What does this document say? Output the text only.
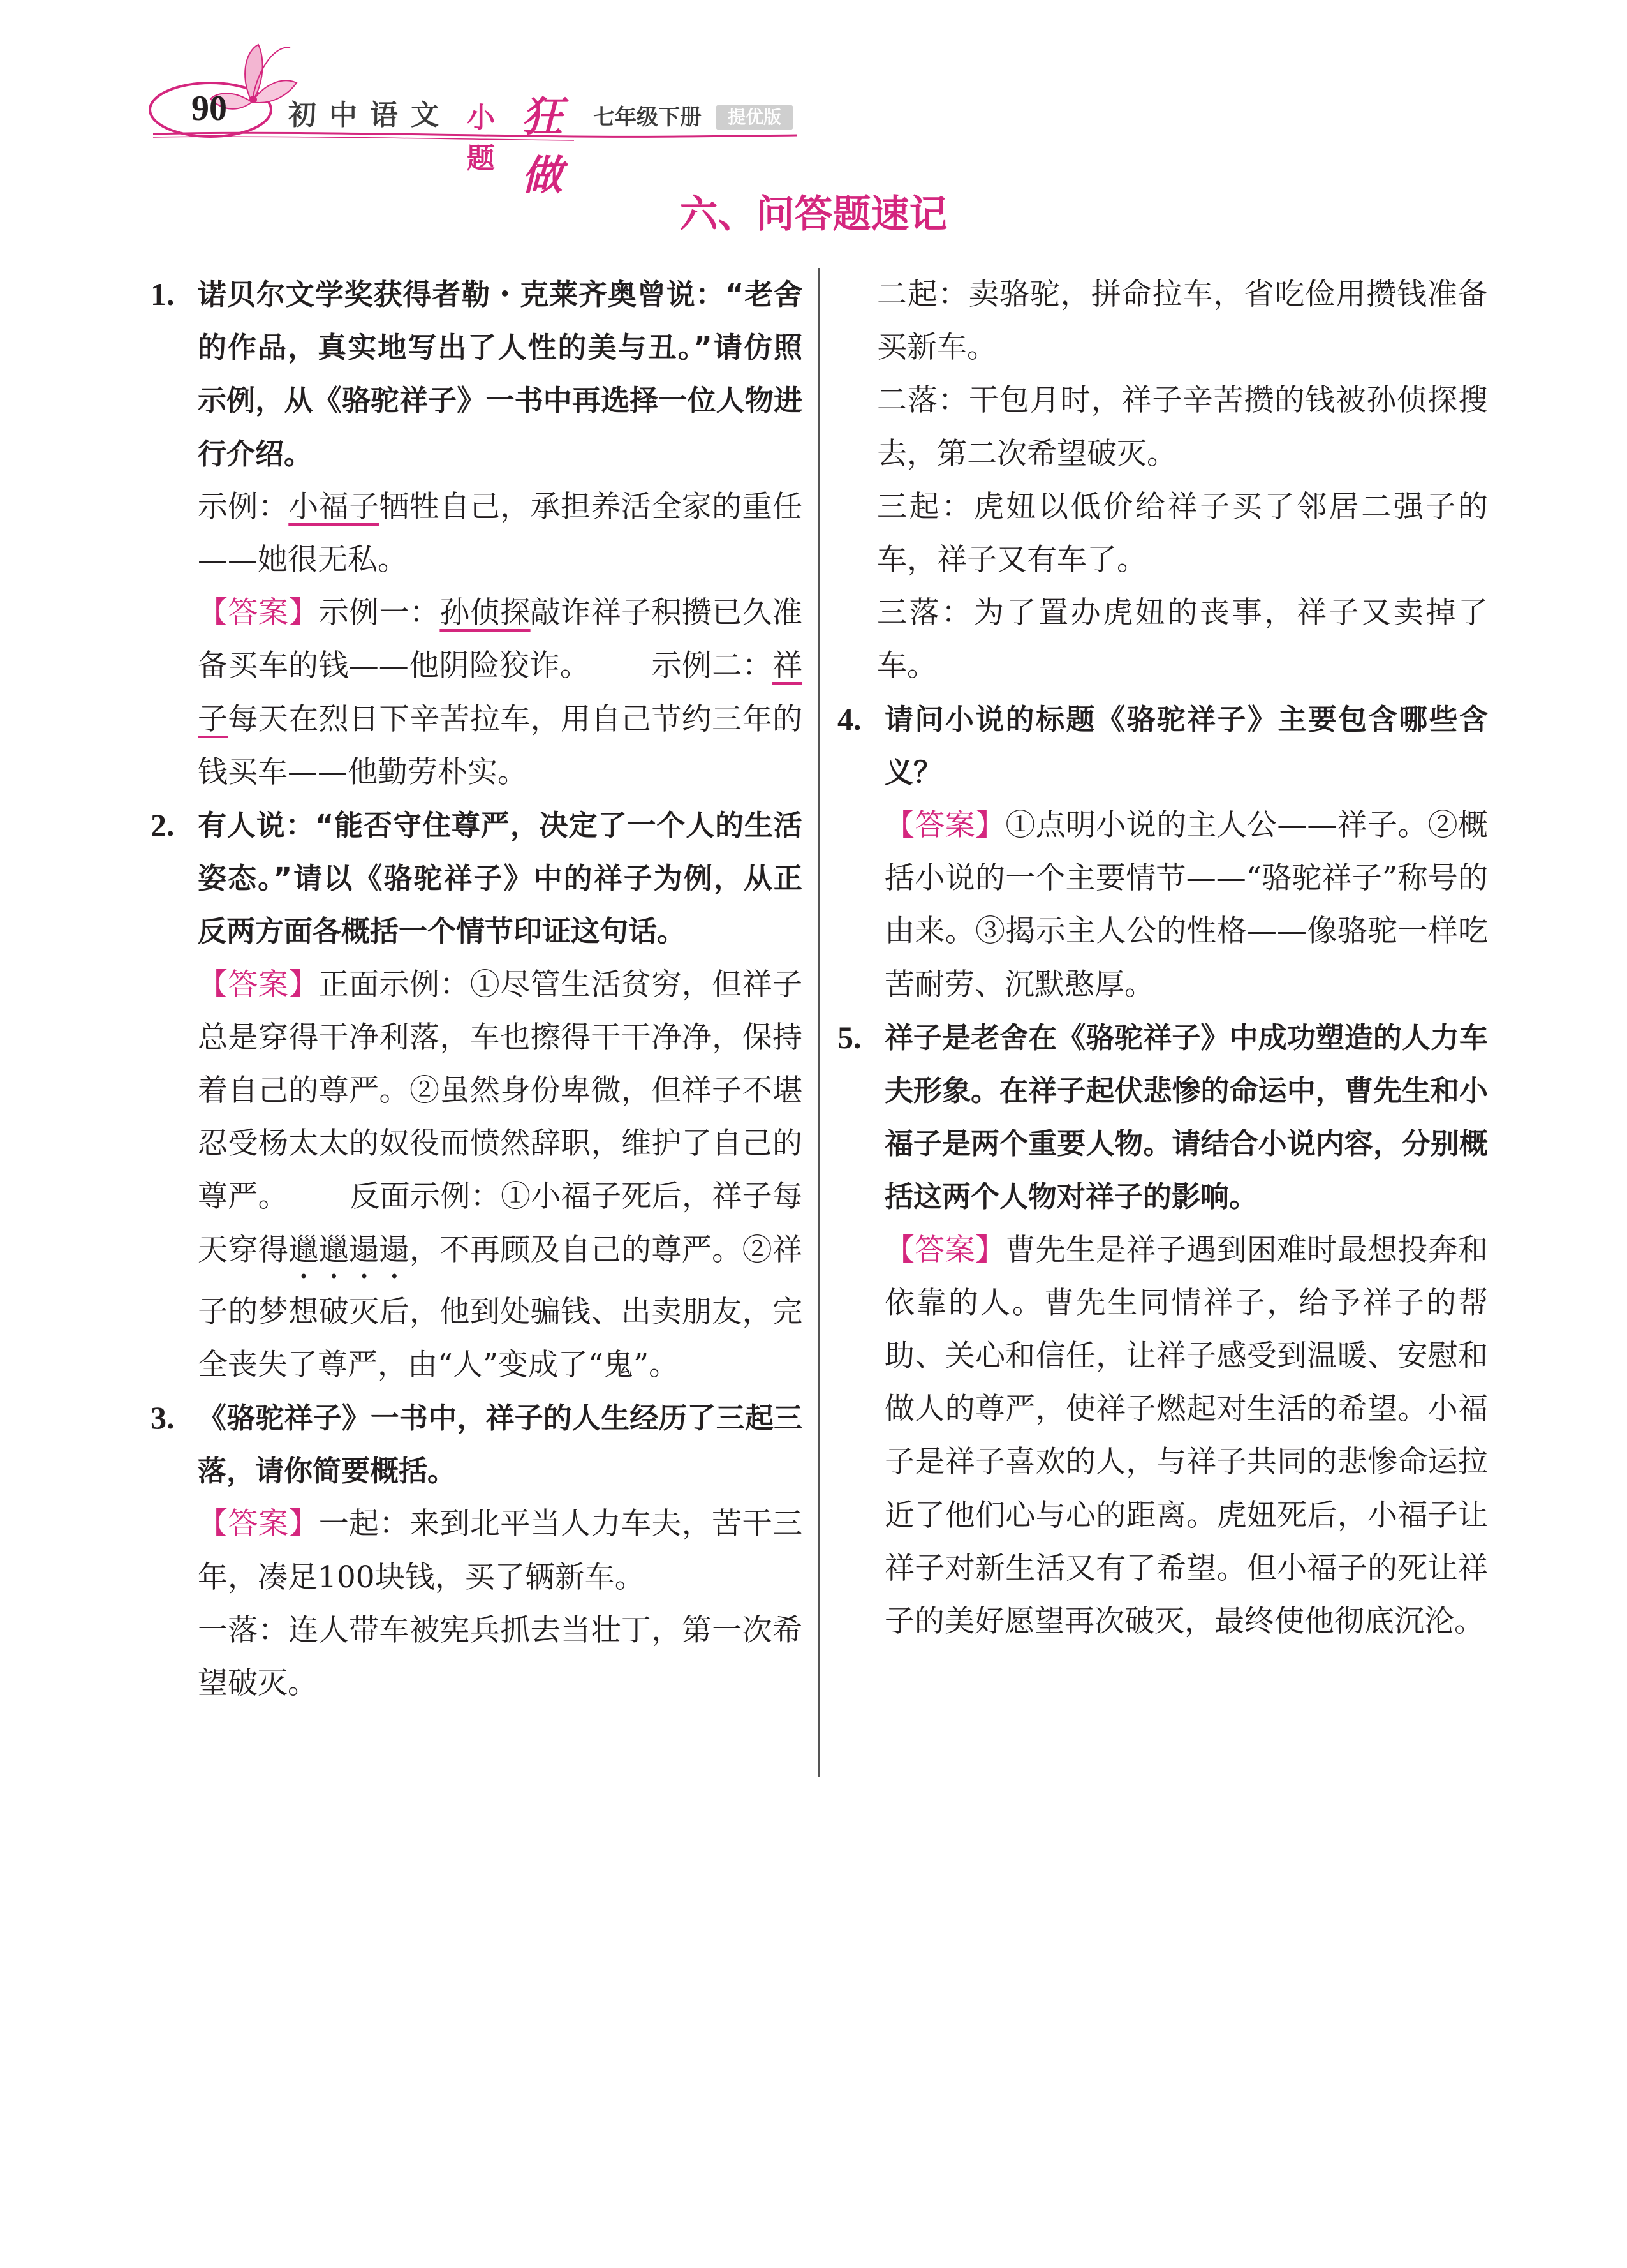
90 初中语文 小题
狂做
七年级下册	提优版
六、问答题速记
1. 诺贝尔文学奖获得者勒・克莱齐奥曾说：“老舍的作品，真实地写出了人性的美与丑。”请仿照示例，从《骆驼祥子》一书中再选择一位人物进行介绍。
示例：小福子牺牲自己，承担养活全家的重任——她很无私。
【答案】示例一：孙侦探敲诈祥子积攒已久准备买车的钱——他阴险狡诈。 示例二：祥子每天在烈日下辛苦拉车，用自己节约三年的钱买车——他勤劳朴实。
2. 有人说：“能否守住尊严，决定了一个人的生活姿态。”请以《骆驼祥子》中的祥子为例，从正反两方面各概括一个情节印证这句话。
【答案】正面示例：①尽管生活贫穷，但祥子总是穿得干净利落，车也擦得干干净净，保持着自己的尊严。②虽然身份卑微，但祥子不堪忍受杨太太的奴役而愤然辞职，维护了自己的尊严。 反面示例：①小福子死后，祥子每天穿得邋邋遢遢，不再顾及自己的尊严。②祥子的梦想破灭后，他到处骗钱、出卖朋友，完全丧失了尊严，由“人”变成了“鬼”。
3. 《骆驼祥子》一书中，祥子的人生经历了三起三落，请你简要概括。
【答案】一起：来到北平当人力车夫，苦干三年，凑足100块钱，买了辆新车。
一落：连人带车被宪兵抓去当壮丁，第一次希望破灭。
二起：卖骆驼，拼命拉车，省吃俭用攒钱准备买新车。
二落：干包月时，祥子辛苦攒的钱被孙侦探搜去，第二次希望破灭。
三起：虎妞以低价给祥子买了邻居二强子的车，祥子又有车了。
三落：为了置办虎妞的丧事，祥子又卖掉了车。
4. 请问小说的标题《骆驼祥子》主要包含哪些含义？
【答案】①点明小说的主人公——祥子。②概括小说的一个主要情节——“骆驼祥子”称号的由来。③揭示主人公的性格——像骆驼一样吃苦耐劳、沉默憨厚。
5. 祥子是老舍在《骆驼祥子》中成功塑造的人力车夫形象。在祥子起伏悲惨的命运中，曹先生和小福子是两个重要人物。请结合小说内容，分别概括这两个人物对祥子的影响。
【答案】曹先生是祥子遇到困难时最想投奔和依靠的人。曹先生同情祥子，给予祥子的帮助、关心和信任，让祥子感受到温暖、安慰和做人的尊严，使祥子燃起对生活的希望。小福子是祥子喜欢的人，与祥子共同的悲惨命运拉近了他们心与心的距离。虎妞死后，小福子让祥子对新生活又有了希望。但小福子的死让祥子的美好愿望再次破灭，最终使他彻底沉沦。
